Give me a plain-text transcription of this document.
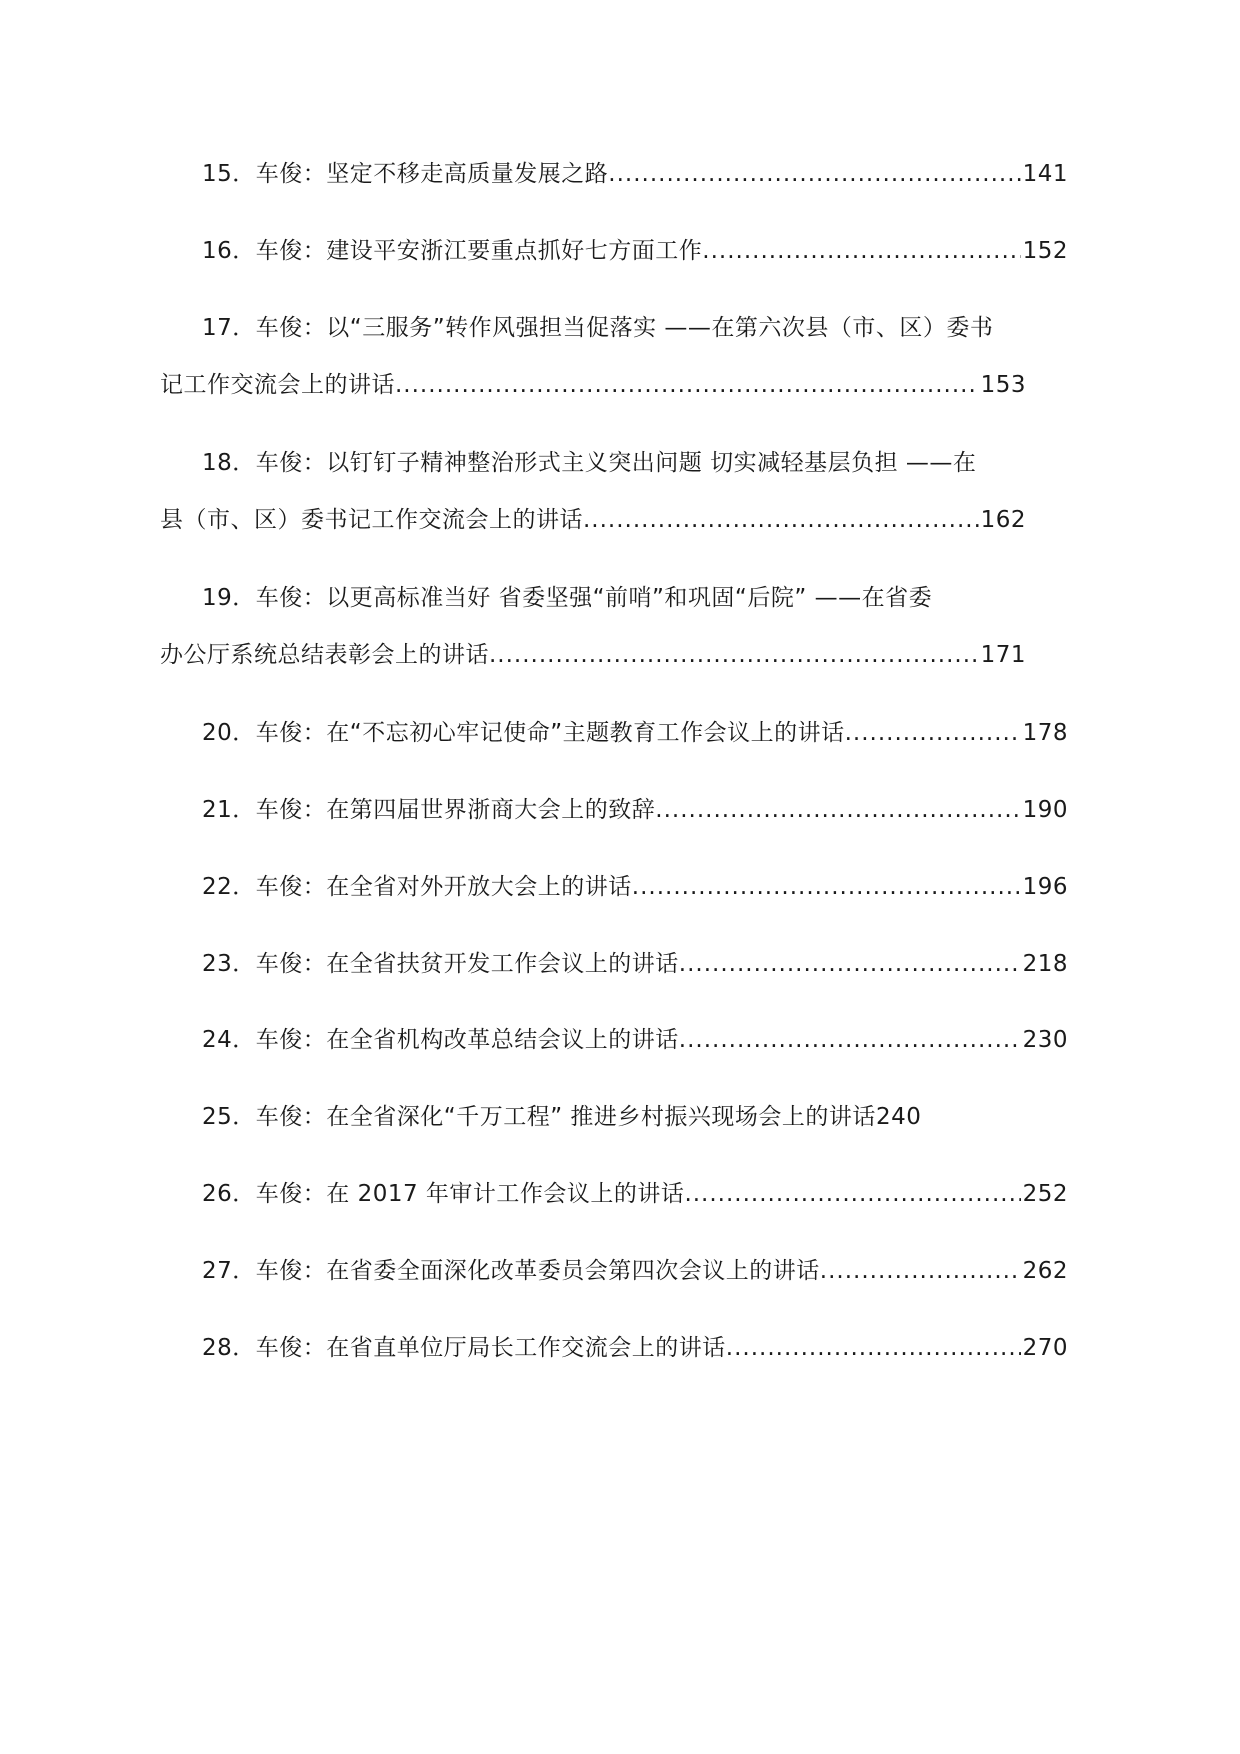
15 ． 车俊 ： 坚定不移走高质量发展之路 .....	141
16 ． 车俊 ： 建设平安浙江要重点抓好七方面工作 .....	152
17．车俊：以“三服务”转作风强担当促落实 ——在第六次县（市、区）委书
记工作交流会上的讲话 .....	153
18．车俊：以钉钉子精神整治形式主义突出问题 切实减轻基层负担 ——在
县（市、区）委书记工作交流会上的讲话 .....	162
19．车俊：以更高标准当好 省委坚强“前哨”和巩固“后院” ——在省委
办公厅系统总结表彰会上的讲话 .....	171
20 ． 车俊 ： 在“不忘初心牢记使命”主题教育工作会议上的讲话 .....	178
21 ． 车俊 ： 在第四届世界浙商大会上的致辞 .....	190
22 ． 车俊 ： 在全省对外开放大会上的讲话 .....	196
23 ． 车俊 ： 在全省扶贫开发工作会议上的讲话 .....	218
24 ． 车俊 ： 在全省机构改革总结会议上的讲话 .....	230
25．车俊：在全省深化“千万工程” 推进乡村振兴现场会上的讲话240
26 ． 车俊 ： 在 2017 年审计工作会议上的讲话 .....	252
27 ． 车俊 ： 在省委全面深化改革委员会第四次会议上的讲话 .....	262
28 ． 车俊 ： 在省直单位厅局长工作交流会上的讲话 .....	270
